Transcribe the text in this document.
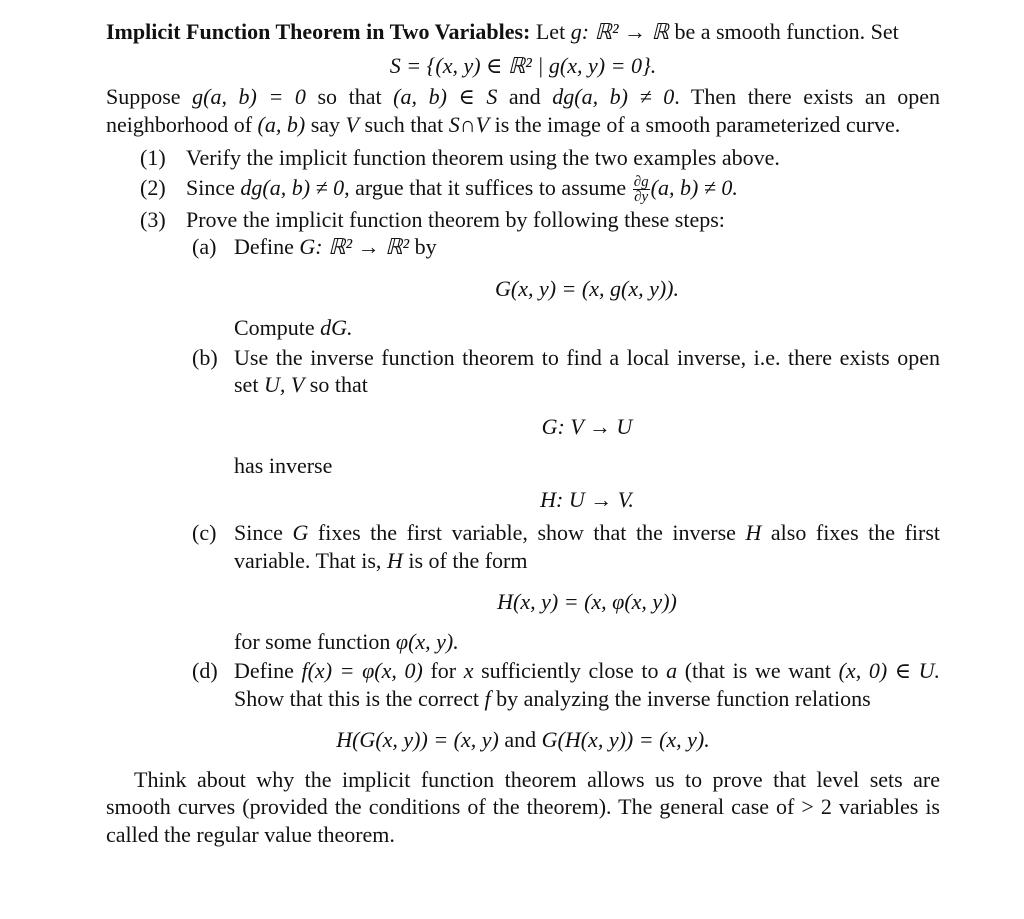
Implicit Function Theorem in Two Variables: Let g: ℝ² → ℝ be a smooth function. Set

S = {(x, y) ∈ ℝ² | g(x, y) = 0}.

Suppose g(a, b) = 0 so that (a, b) ∈ S and dg(a, b) ≠ 0. Then there exists an open neighborhood of (a, b) say V such that S∩V is the image of a smooth parameterized curve.

(1) Verify the implicit function theorem using the two examples above.
(2) Since dg(a, b) ≠ 0, argue that it suffices to assume $\frac{\partial g}{\partial y} (a$, b) ≠ 0.
(3) Prove the implicit function theorem by following these steps:
(a) Define G: ℝ² → ℝ² by

G(x, y) = (x, g(x, y)).

Compute dG.

(b) Use the inverse function theorem to find a local inverse, i.e. there exists open set U, V so that

G: V → U

has inverse

H: U → V.

(c) Since G fixes the first variable, show that the inverse H also fixes the first variable. That is, H is of the form

H(x, y) = (x, φ(x, y))

for some function φ(x, y).

(d) Define f(x) = φ(x, 0) for x sufficiently close to a (that is we want (x, 0) ∈ U. Show that this is the correct f by analyzing the inverse function relations

H(G(x, y)) = (x, y) and G(H(x, y)) = (x, y).

Think about why the implicit function theorem allows us to prove that level sets are smooth curves (provided the conditions of the theorem). The general case of > 2 variables is called the regular value theorem.
